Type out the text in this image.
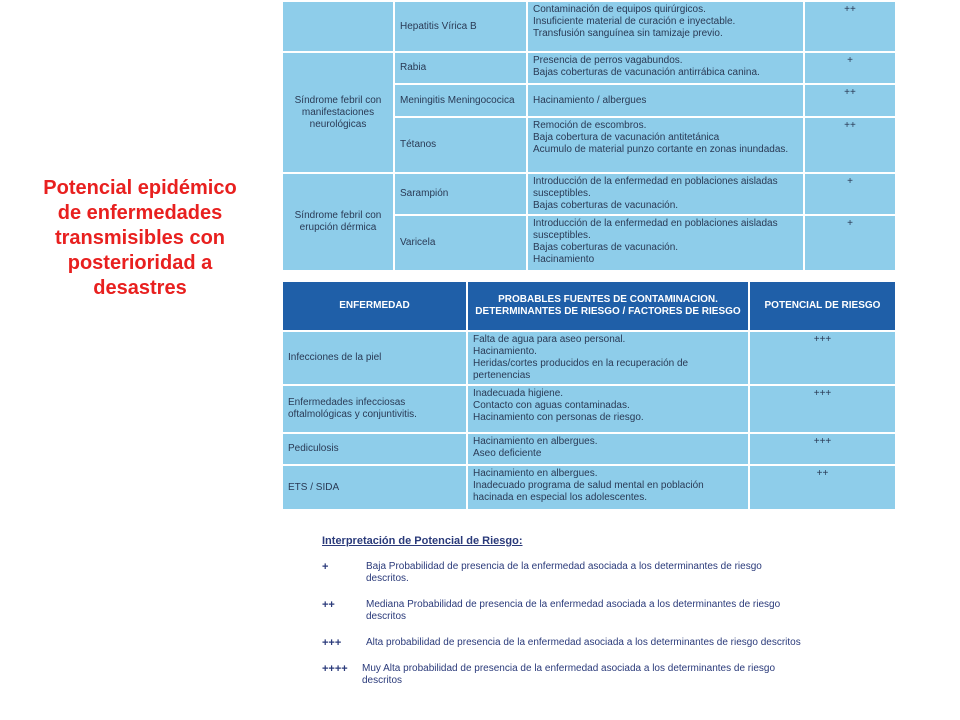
Potencial epidémico de enfermedades transmisibles con posterioridad a desastres
	Hepatitis Vírica B	Contaminación de equipos quirúrgicos.
Insuficiente material de curación e inyectable.
Transfusión sanguínea sin tamizaje previo.	++
Síndrome febril con manifestaciones neurológicas	Rabia	Presencia de perros vagabundos.
Bajas coberturas de vacunación antirrábica canina.	+
	Meningitis Meningococica	Hacinamiento / albergues	++
	Tétanos	Remoción de escombros.
Baja cobertura de vacunación antitetánica
Acumulo de material punzo cortante en zonas inundadas.	++
Síndrome febril con erupción dérmica	Sarampión	Introducción de la enfermedad en poblaciones aisladas susceptibles.
Bajas coberturas de vacunación.	+
	Varicela	Introducción de la enfermedad en poblaciones aisladas susceptibles.
Bajas coberturas de vacunación.
Hacinamiento	+
ENFERMEDAD	PROBABLES FUENTES DE CONTAMINACION. DETERMINANTES DE RIESGO / FACTORES DE RIESGO	POTENCIAL DE RIESGO
Infecciones de la piel	Falta de agua para aseo personal.
Hacinamiento.
Heridas/cortes producidos en la recuperación de pertenencias	+++
Enfermedades infecciosas oftalmológicas y conjuntivitis.	Inadecuada higiene.
Contacto con aguas contaminadas.
Hacinamiento con personas de riesgo.	+++
Pediculosis	Hacinamiento en albergues.
Aseo deficiente	+++
ETS / SIDA	Hacinamiento en albergues.
Inadecuado programa de salud mental en población hacinada en especial los adolescentes.	++
Interpretación de Potencial de Riesgo:
+	Baja Probabilidad de presencia de la enfermedad asociada a los determinantes de riesgo descritos.
++	Mediana Probabilidad de presencia de la enfermedad asociada a los determinantes de riesgo descritos
+++ Alta probabilidad de presencia de la enfermedad asociada a los determinantes de riesgo descritos
++++ Muy Alta probabilidad de presencia de la enfermedad asociada a los determinantes de riesgo descritos
